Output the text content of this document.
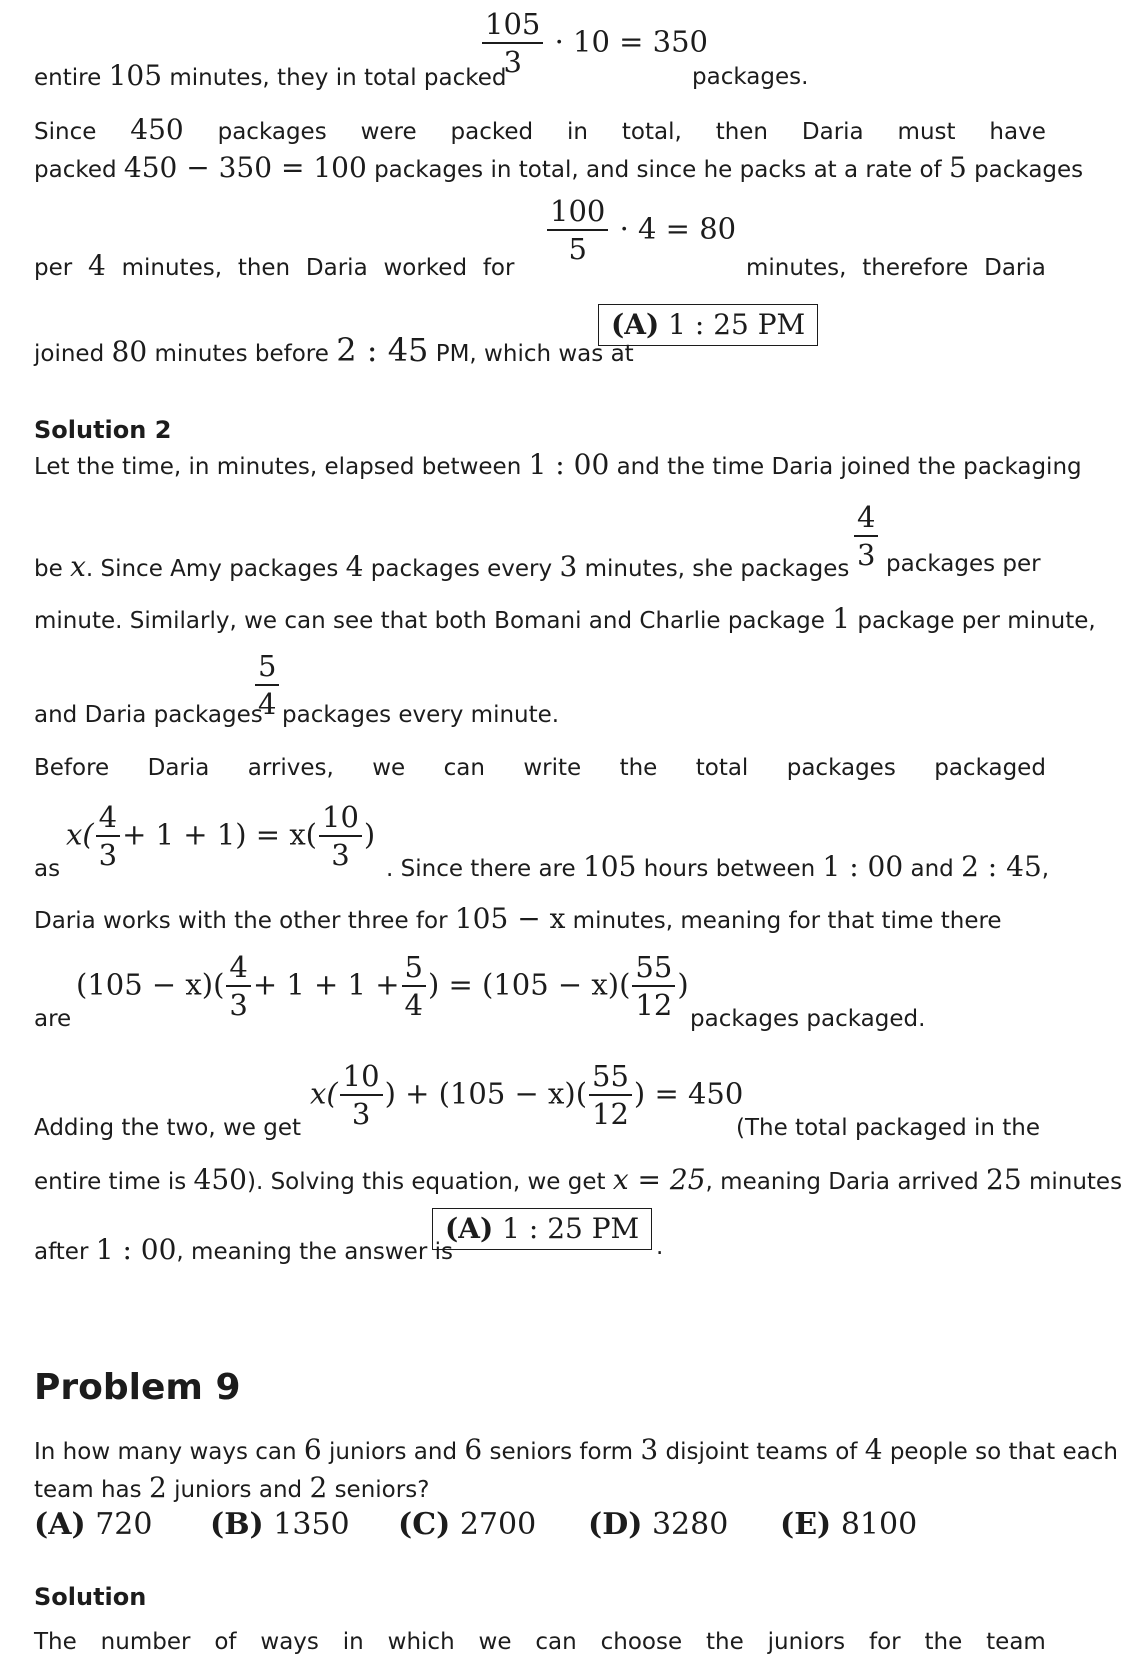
entire 105 minutes, they in total packed
$\frac{105}{3} \cdot 10 = 350$
packages.
Since 450 packages were packed in total, then Daria must have
packed 450 − 350 = 100 packages in total, and since he packs at a rate of 5 packages
per 4 minutes, then Daria worked for	minutes, therefore Daria
$\frac{100}{5} \cdot 4 = 80$
joined 80 minutes before 2 : 45 PM, which was at
(A) 1 : 25 PM
Solution 2
Let the time, in minutes, elapsed between 1 : 00 and the time Daria joined the packaging
be x. Since Amy packages 4 packages every 3 minutes, she packages $\frac{4}{3}$ packages per
minute. Similarly, we can see that both Bomani and Charlie package 1 package per minute,
and Daria packages
$\frac{5}{4}$ packages every minute.
Before Daria arrives, we can write the total packages packaged
as
$x( \frac{4}{3} + 1 + 1) = x( \frac{10}{3}$ )
. Since there are 105 hours between 1 : 00 and 2 : 45,
Daria works with the other three for 105 − x minutes, meaning for that time there
are
$(105 - x)( \frac{4}{3} + 1 + 1 + \frac{5}{4}$ ) = $(105 - x)( \frac{55}{12}$ )
packages packaged.
Adding the two, we get
$x( \frac{10}{3}$ ) + $(105 - x)( \frac{55}{12}$ ) = 450
(The total packaged in the
entire time is 450). Solving this equation, we get x = 25, meaning Daria arrived 25 minutes
after 1 : 00, meaning the answer is
(A) 1 : 25 PM
.
Problem 9
In how many ways can 6 juniors and 6 seniors form 3 disjoint teams of 4 people so that each
team has 2 juniors and 2 seniors?
(A) 720 (B) 1350 (C) 2700 (D) 3280 (E) 8100
Solution
The number of ways in which we can choose the juniors for the team
